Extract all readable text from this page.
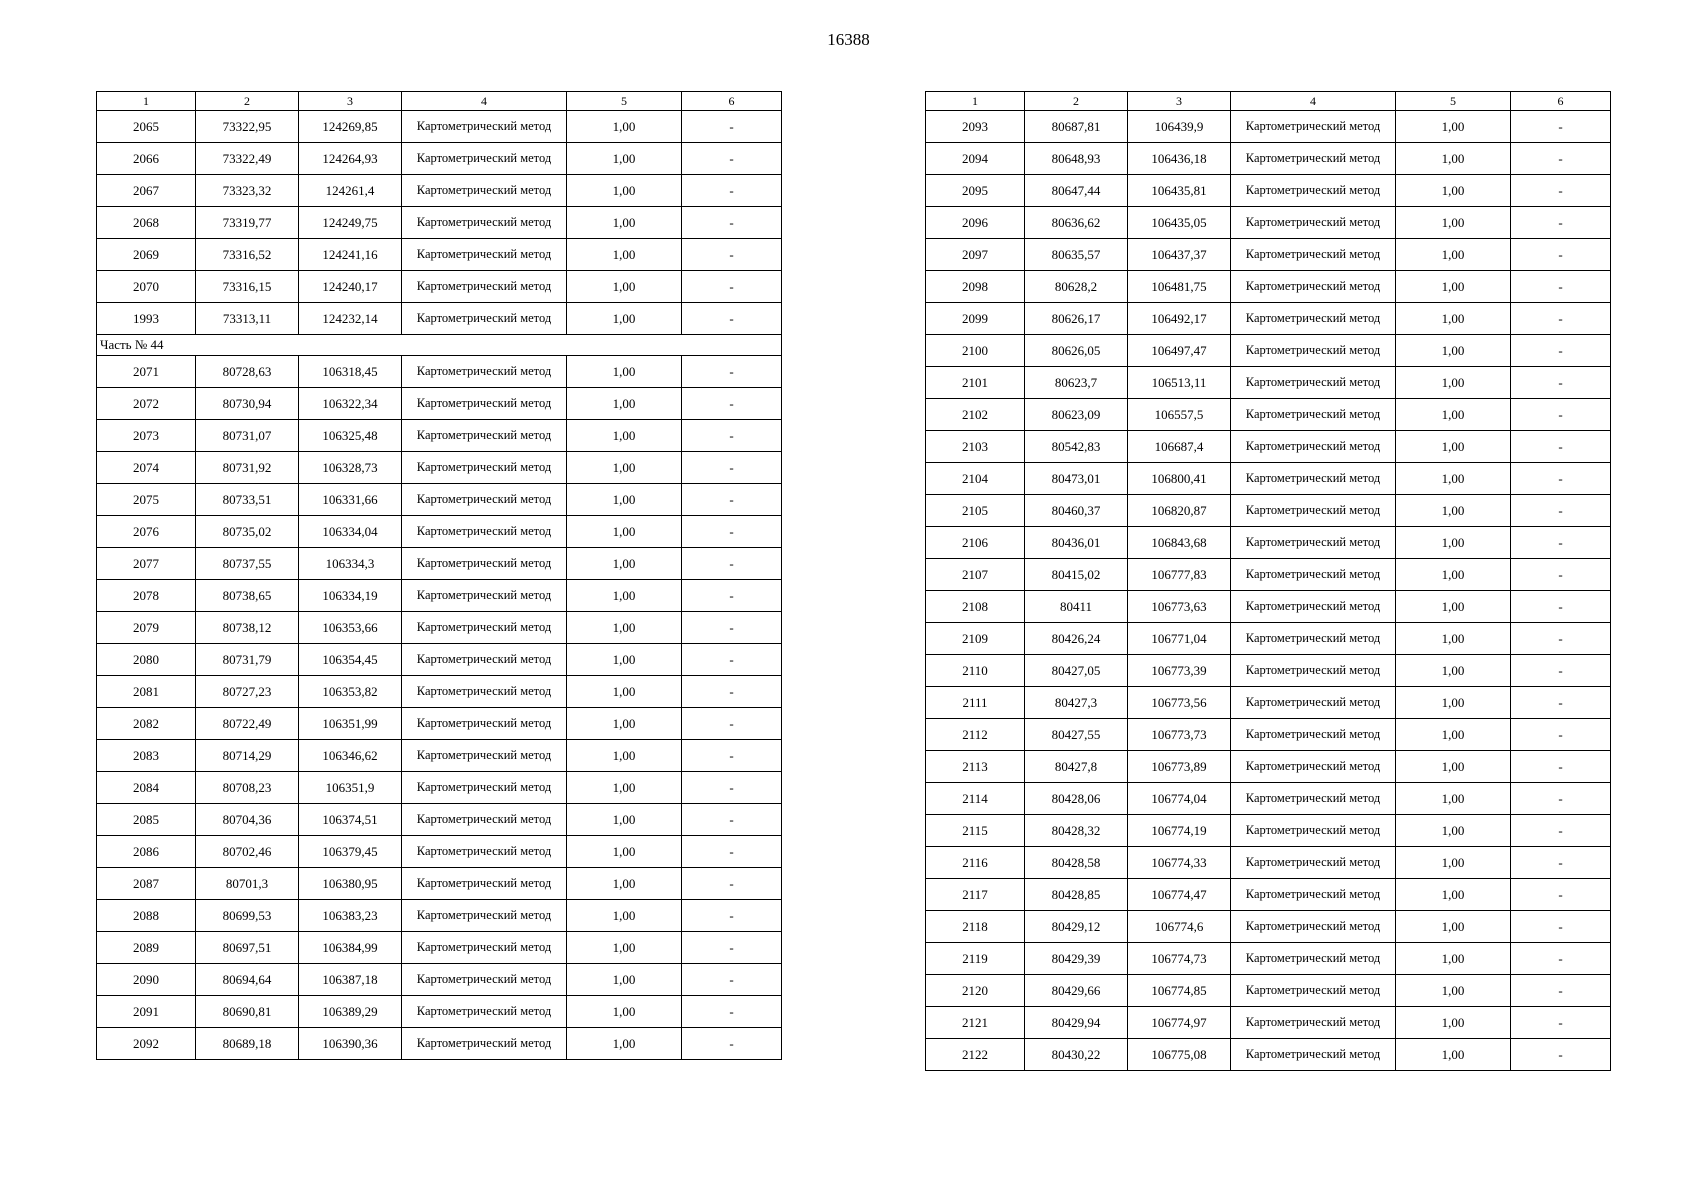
16388
1	2	3	4	5	6
2065	73322,95	124269,85	Картометрический метод	1,00	-
2066	73322,49	124264,93	Картометрический метод	1,00	-
2067	73323,32	124261,4	Картометрический метод	1,00	-
2068	73319,77	124249,75	Картометрический метод	1,00	-
2069	73316,52	124241,16	Картометрический метод	1,00	-
2070	73316,15	124240,17	Картометрический метод	1,00	-
1993	73313,11	124232,14	Картометрический метод	1,00	-
Часть № 44					
2071	80728,63	106318,45	Картометрический метод	1,00	-
2072	80730,94	106322,34	Картометрический метод	1,00	-
2073	80731,07	106325,48	Картометрический метод	1,00	-
2074	80731,92	106328,73	Картометрический метод	1,00	-
2075	80733,51	106331,66	Картометрический метод	1,00	-
2076	80735,02	106334,04	Картометрический метод	1,00	-
2077	80737,55	106334,3	Картометрический метод	1,00	-
2078	80738,65	106334,19	Картометрический метод	1,00	-
2079	80738,12	106353,66	Картометрический метод	1,00	-
2080	80731,79	106354,45	Картометрический метод	1,00	-
2081	80727,23	106353,82	Картометрический метод	1,00	-
2082	80722,49	106351,99	Картометрический метод	1,00	-
2083	80714,29	106346,62	Картометрический метод	1,00	-
2084	80708,23	106351,9	Картометрический метод	1,00	-
2085	80704,36	106374,51	Картометрический метод	1,00	-
2086	80702,46	106379,45	Картометрический метод	1,00	-
2087	80701,3	106380,95	Картометрический метод	1,00	-
2088	80699,53	106383,23	Картометрический метод	1,00	-
2089	80697,51	106384,99	Картометрический метод	1,00	-
2090	80694,64	106387,18	Картометрический метод	1,00	-
2091	80690,81	106389,29	Картометрический метод	1,00	-
2092	80689,18	106390,36	Картометрический метод	1,00	-
1	2	3	4	5	6
2093	80687,81	106439,9	Картометрический метод	1,00	-
2094	80648,93	106436,18	Картометрический метод	1,00	-
2095	80647,44	106435,81	Картометрический метод	1,00	-
2096	80636,62	106435,05	Картометрический метод	1,00	-
2097	80635,57	106437,37	Картометрический метод	1,00	-
2098	80628,2	106481,75	Картометрический метод	1,00	-
2099	80626,17	106492,17	Картометрический метод	1,00	-
2100	80626,05	106497,47	Картометрический метод	1,00	-
2101	80623,7	106513,11	Картометрический метод	1,00	-
2102	80623,09	106557,5	Картометрический метод	1,00	-
2103	80542,83	106687,4	Картометрический метод	1,00	-
2104	80473,01	106800,41	Картометрический метод	1,00	-
2105	80460,37	106820,87	Картометрический метод	1,00	-
2106	80436,01	106843,68	Картометрический метод	1,00	-
2107	80415,02	106777,83	Картометрический метод	1,00	-
2108	80411	106773,63	Картометрический метод	1,00	-
2109	80426,24	106771,04	Картометрический метод	1,00	-
2110	80427,05	106773,39	Картометрический метод	1,00	-
2111	80427,3	106773,56	Картометрический метод	1,00	-
2112	80427,55	106773,73	Картометрический метод	1,00	-
2113	80427,8	106773,89	Картометрический метод	1,00	-
2114	80428,06	106774,04	Картометрический метод	1,00	-
2115	80428,32	106774,19	Картометрический метод	1,00	-
2116	80428,58	106774,33	Картометрический метод	1,00	-
2117	80428,85	106774,47	Картометрический метод	1,00	-
2118	80429,12	106774,6	Картометрический метод	1,00	-
2119	80429,39	106774,73	Картометрический метод	1,00	-
2120	80429,66	106774,85	Картометрический метод	1,00	-
2121	80429,94	106774,97	Картометрический метод	1,00	-
2122	80430,22	106775,08	Картометрический метод	1,00	-
